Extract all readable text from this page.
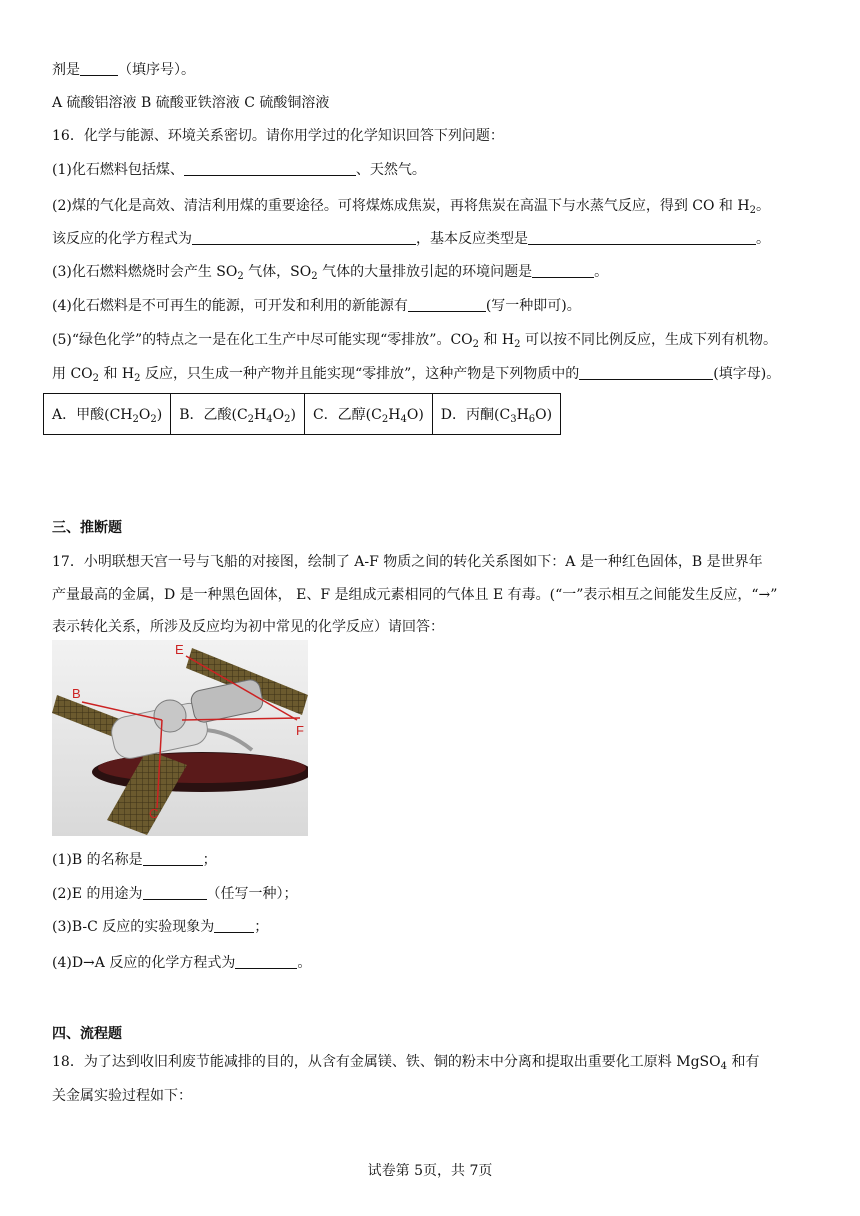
剂是	（填序号）。
A 硫酸铝溶液 B 硫酸亚铁溶液 C 硫酸铜溶液
16．化学与能源、环境关系密切。请你用学过的化学知识回答下列问题：
(1)化石燃料包括煤、	、天然气。
(2)煤的气化是高效、清洁利用煤的重要途径。可将煤炼成焦炭，再将焦炭在高温下与水蒸气反应，得到 CO 和 $H_2$。
该反应的化学方程式为	，基本反应类型是	。
(3)化石燃料燃烧时会产生 $SO_2$ 气体，$SO_2$ 气体的大量排放引起的环境问题是	。
(4)化石燃料是不可再生的能源，可开发和利用的新能源有	(写一种即可)。
(5)“绿色化学”的特点之一是在化工生产中尽可能实现“零排放”。$CO_2$ 和 $H_2$ 可以按不同比例反应，生成下列有机物。
用 $CO_2$ 和 $H_2$ 反应，只生成一种产物并且能实现“零排放”，这种产物是下列物质中的	(填字母)。
A．甲酸$(CH_2O_2)$	B．乙酸$(C_2H_4O_2)$	C．乙醇$(C_2H_4O)$	D．丙酮$(C_3H_6O)$
三、推断题
17．小明联想天宫一号与飞船的对接图，绘制了 A-F 物质之间的转化关系图如下：A 是一种红色固体，B 是世界年
产量最高的金属，D 是一种黑色固体， E、F 是组成元素相同的气体且 E 有毒。(“一”表示相互之间能发生反应，“→”
表示转化关系，所涉及反应均为初中常见的化学反应）请回答：
B
C
E
F
(1)B 的名称是	；
(2)E 的用途为	（任写一种）；
(3)B-C 反应的实验现象为	；
(4)D→A 反应的化学方程式为	。
四、流程题
18．为了达到收旧利废节能减排的目的，从含有金属镁、铁、铜的粉末中分离和提取出重要化工原料 MgSO$_4$ 和有
关金属实验过程如下：
试卷第 5页，共 7页
